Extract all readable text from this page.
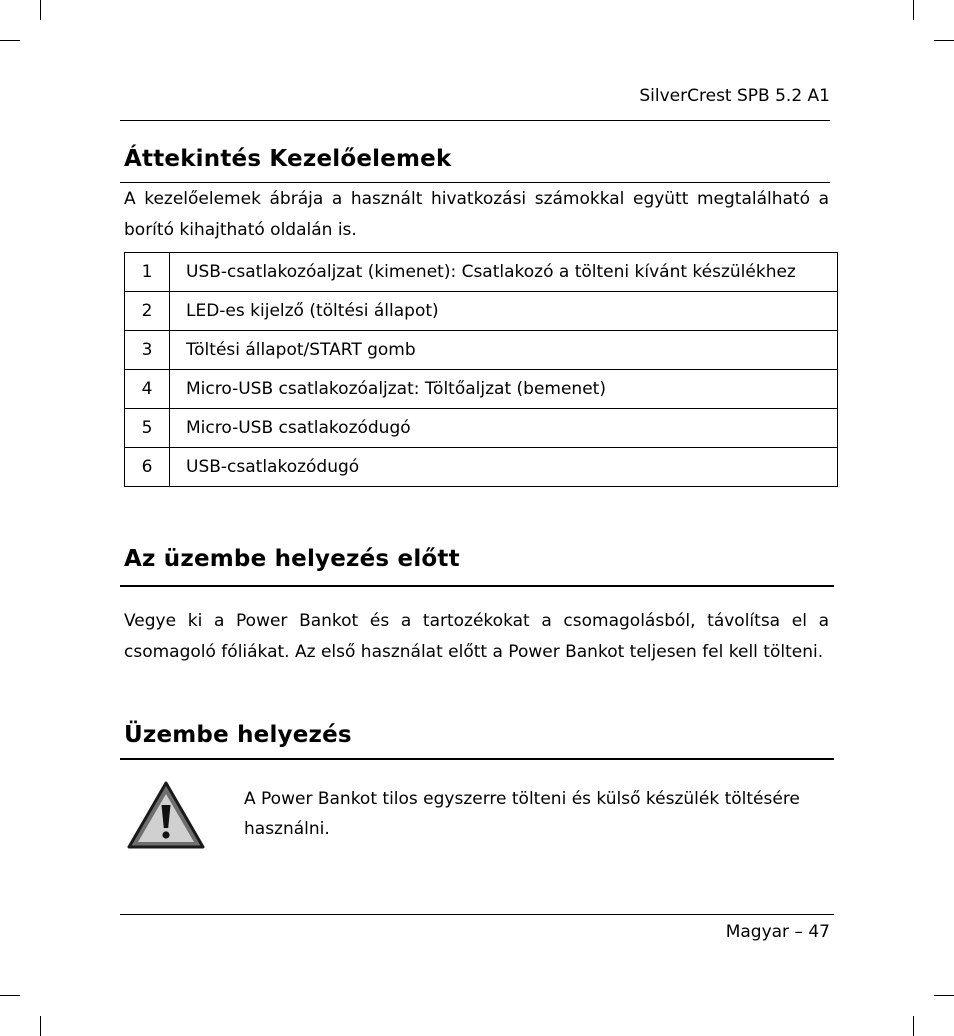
SilverCrest SPB 5.2 A1
Áttekintés Kezelőelemek

A kezelőelemek ábrája a használt hivatkozási számokkal együtt megtalálható a borító kihajtható oldalán is.

1	USB-csatlakozóaljzat (kimenet): Csatlakozó a tölteni kívánt készülékhez
2	LED-es kijelző (töltési állapot)
3	Töltési állapot/START gomb
4	Micro-USB csatlakozóaljzat: Töltőaljzat (bemenet)
5	Micro-USB csatlakozódugó
6	USB-csatlakozódugó
Az üzembe helyezés előtt

Vegye ki a Power Bankot és a tartozékokat a csomagolásból, távolítsa el a csomagoló fóliákat. Az első használat előtt a Power Bankot teljesen fel kell tölteni.

Üzembe helyezés

A Power Bankot tilos egyszerre tölteni és külső készülék töltésére használni.

Magyar – 47
